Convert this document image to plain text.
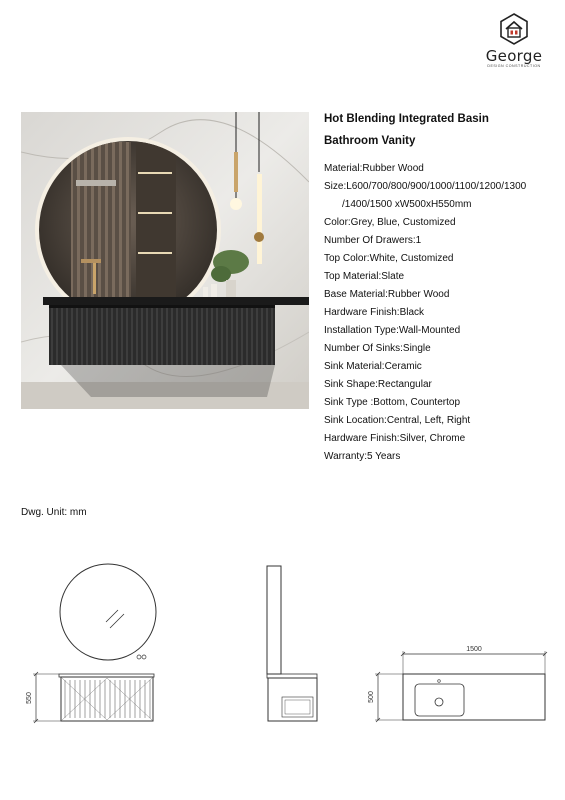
George
DESIGN CONSTRUCTION
Hot Blending Integrated Basin
Bathroom Vanity
Material:Rubber Wood
Size:L600/700/800/900/1000/1100/1200/1300
/1400/1500 xW500xH550mm
Color:Grey, Blue, Customized
Number Of Drawers:1
Top Color:White, Customized
Top Material:Slate
Base Material:Rubber Wood
Hardware Finish:Black
Installation Type:Wall-Mounted
Number Of Sinks:Single
Sink Material:Ceramic
Sink Shape:Rectangular
Sink Type :Bottom, Countertop
Sink Location:Central, Left, Right
Hardware Finish:Silver, Chrome
Warranty:5 Years
Dwg. Unit: mm
550
1500
500
